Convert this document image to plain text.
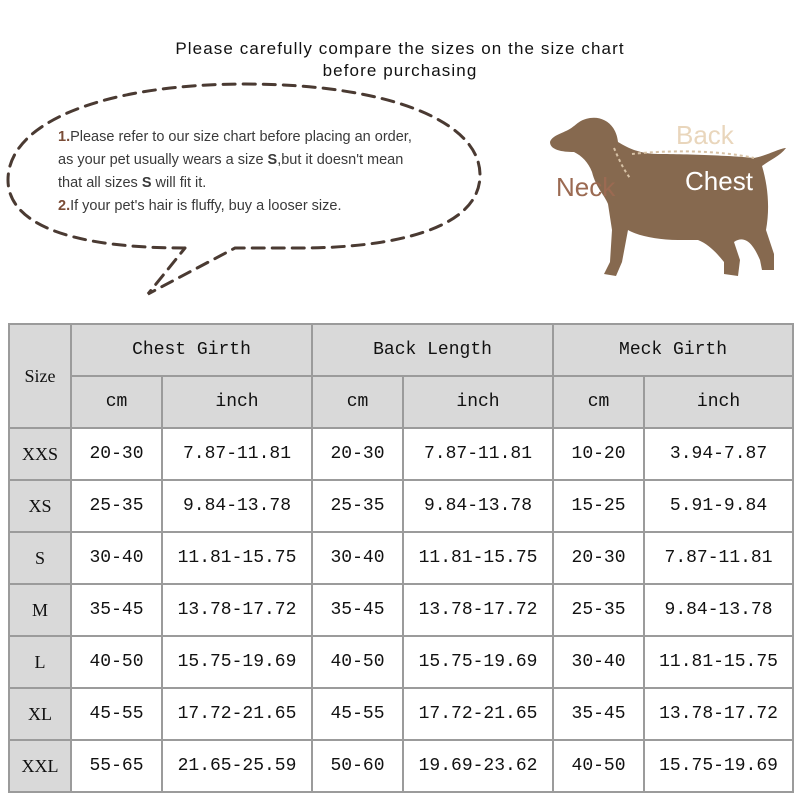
Please carefully compare the sizes on the size chart
before purchasing
1.Please refer to our size chart before placing an order,
as your pet usually wears a size S,but it doesn't mean
that all sizes S will fit it.
2.If your pet's hair is fluffy, buy a looser size.
Back
Neck	Chest
Size	Chest Girth		Back Length		Meck Girth	
	cm	inch	cm	inch	cm	inch
XXS	20-30	7.87-11.81	20-30	7.87-11.81	10-20	3.94-7.87
XS	25-35	9.84-13.78	25-35	9.84-13.78	15-25	5.91-9.84
S	30-40	11.81-15.75	30-40	11.81-15.75	20-30	7.87-11.81
M	35-45	13.78-17.72	35-45	13.78-17.72	25-35	9.84-13.78
L	40-50	15.75-19.69	40-50	15.75-19.69	30-40	11.81-15.75
XL	45-55	17.72-21.65	45-55	17.72-21.65	35-45	13.78-17.72
XXL	55-65	21.65-25.59	50-60	19.69-23.62	40-50	15.75-19.69
